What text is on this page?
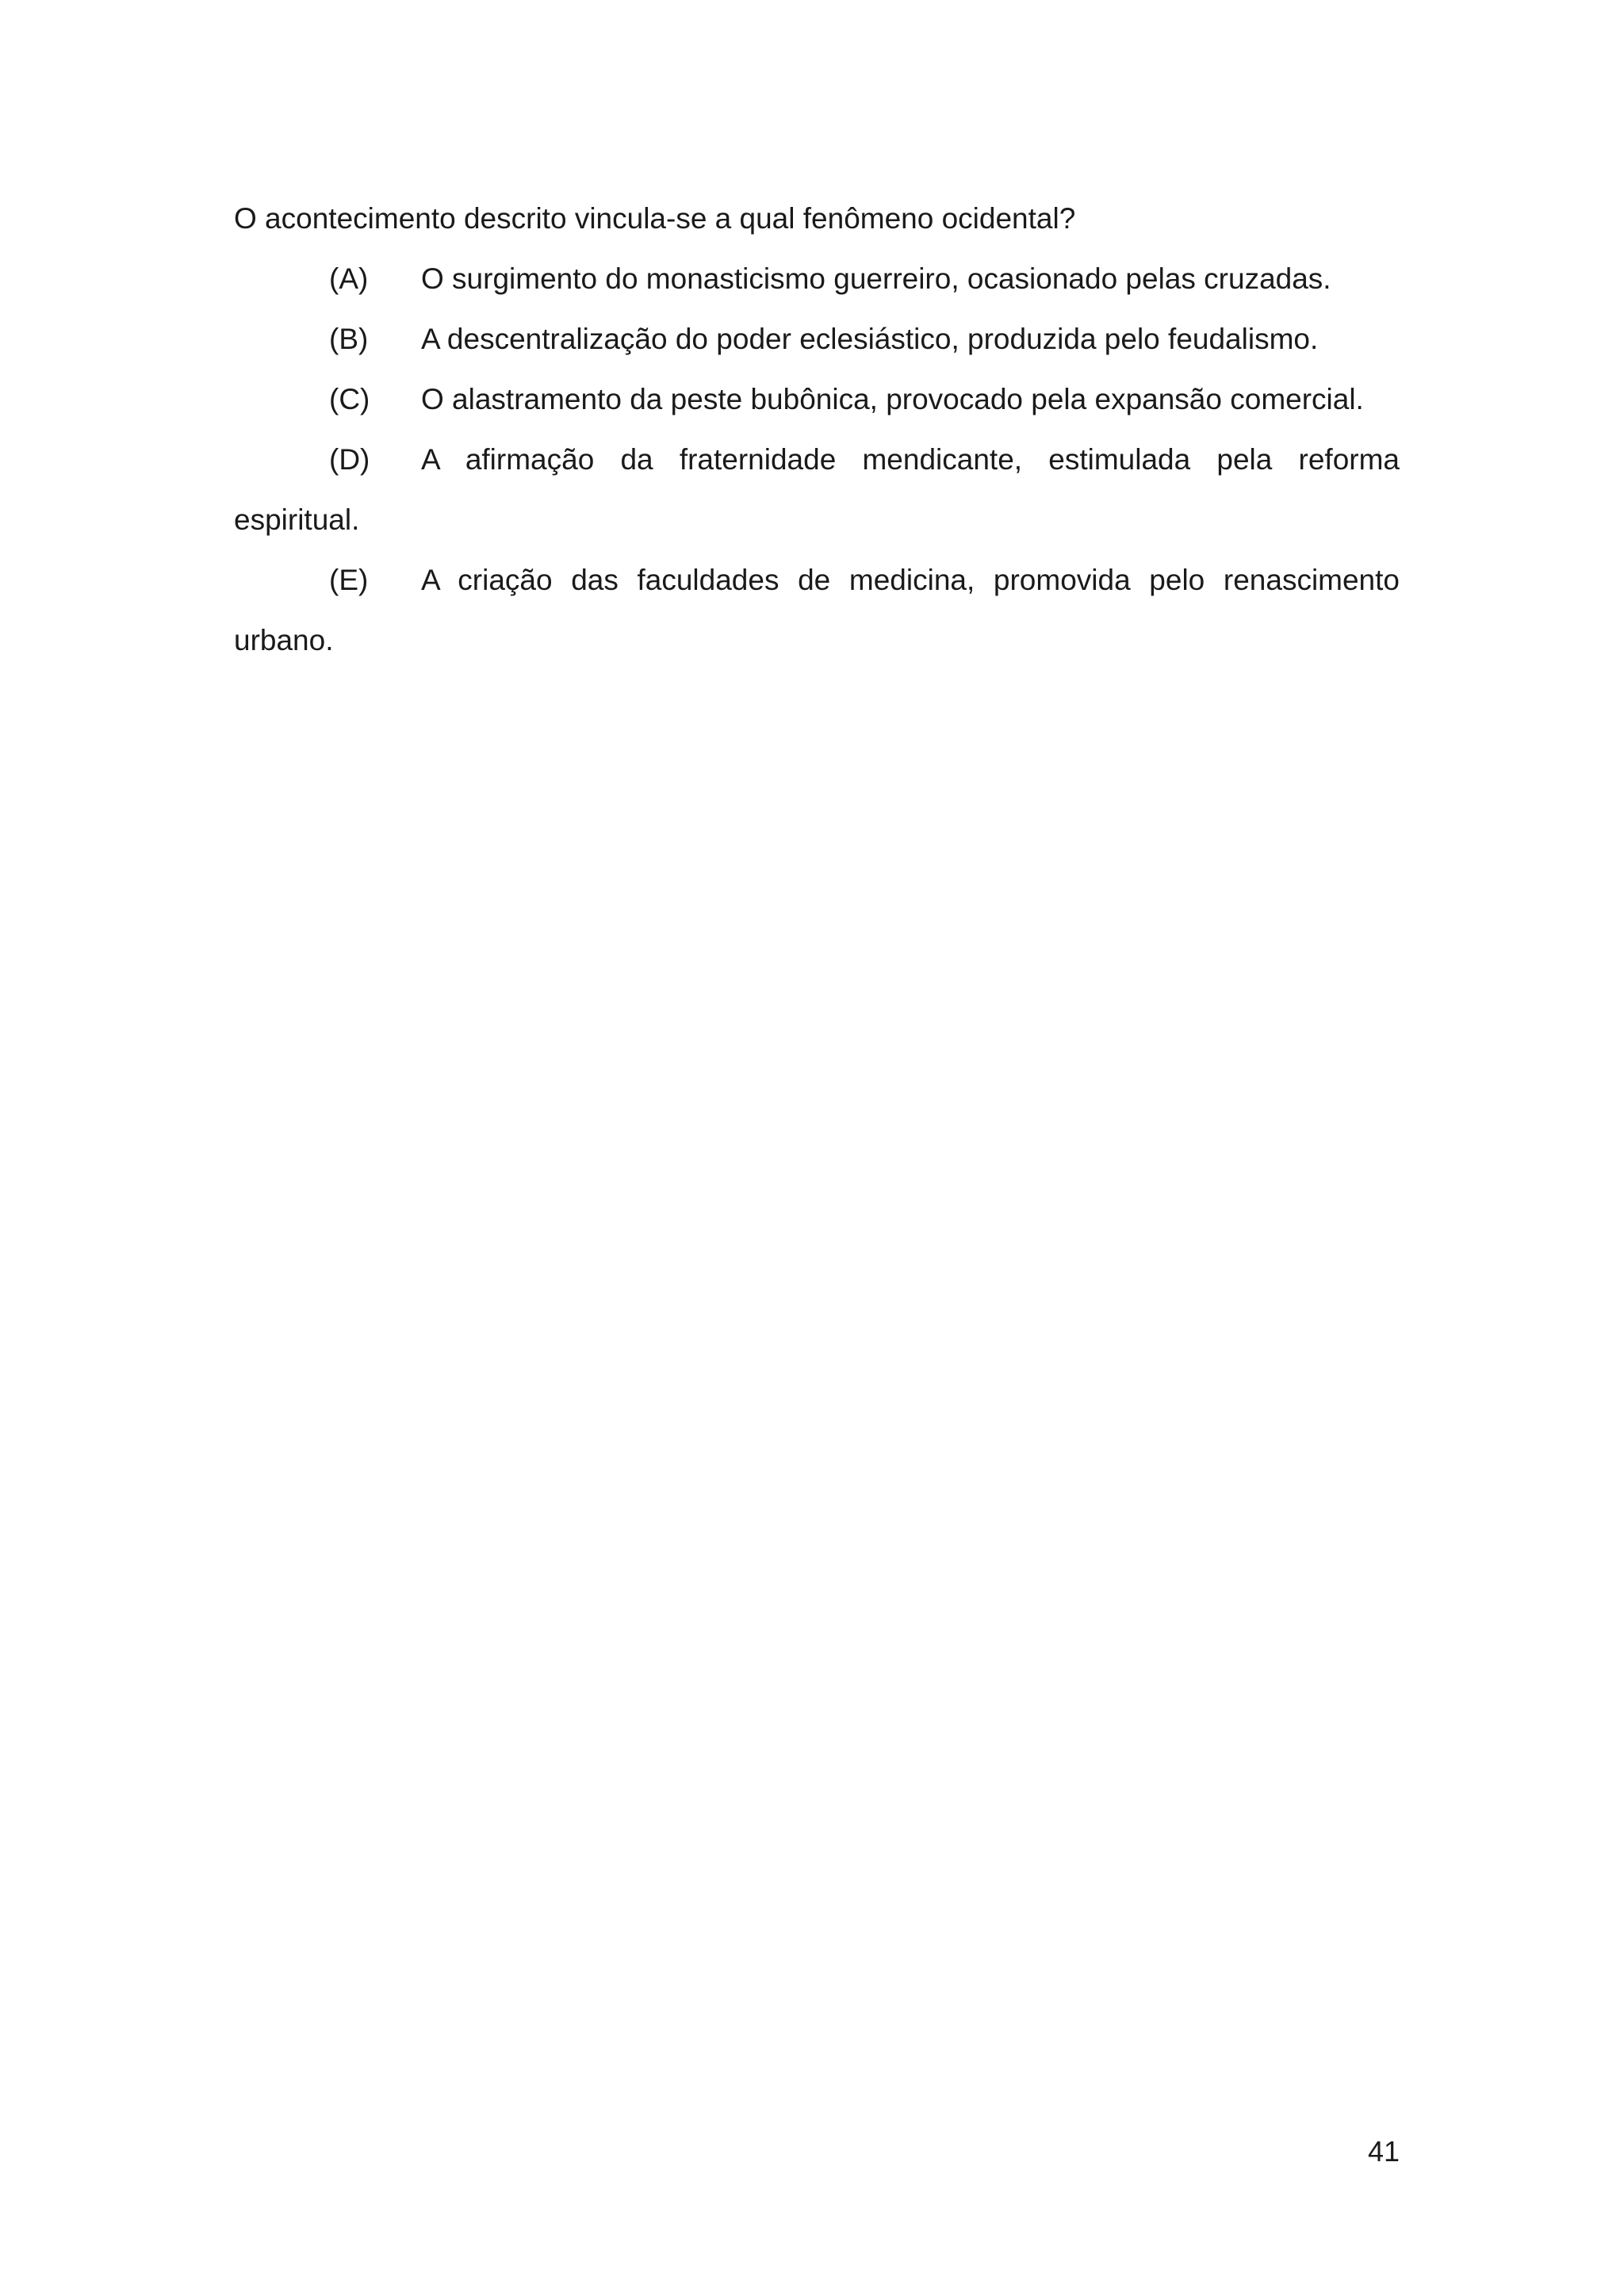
O acontecimento descrito vincula-se a qual fenômeno ocidental?

(A) O surgimento do monasticismo guerreiro, ocasionado pelas cruzadas.

(B) A descentralização do poder eclesiástico, produzida pelo feudalismo.

(C) O alastramento da peste bubônica, provocado pela expansão comercial.

(D) A afirmação da fraternidade mendicante, estimulada pela reforma espiritual.

(E) A criação das faculdades de medicina, promovida pelo renascimento urbano.

41
